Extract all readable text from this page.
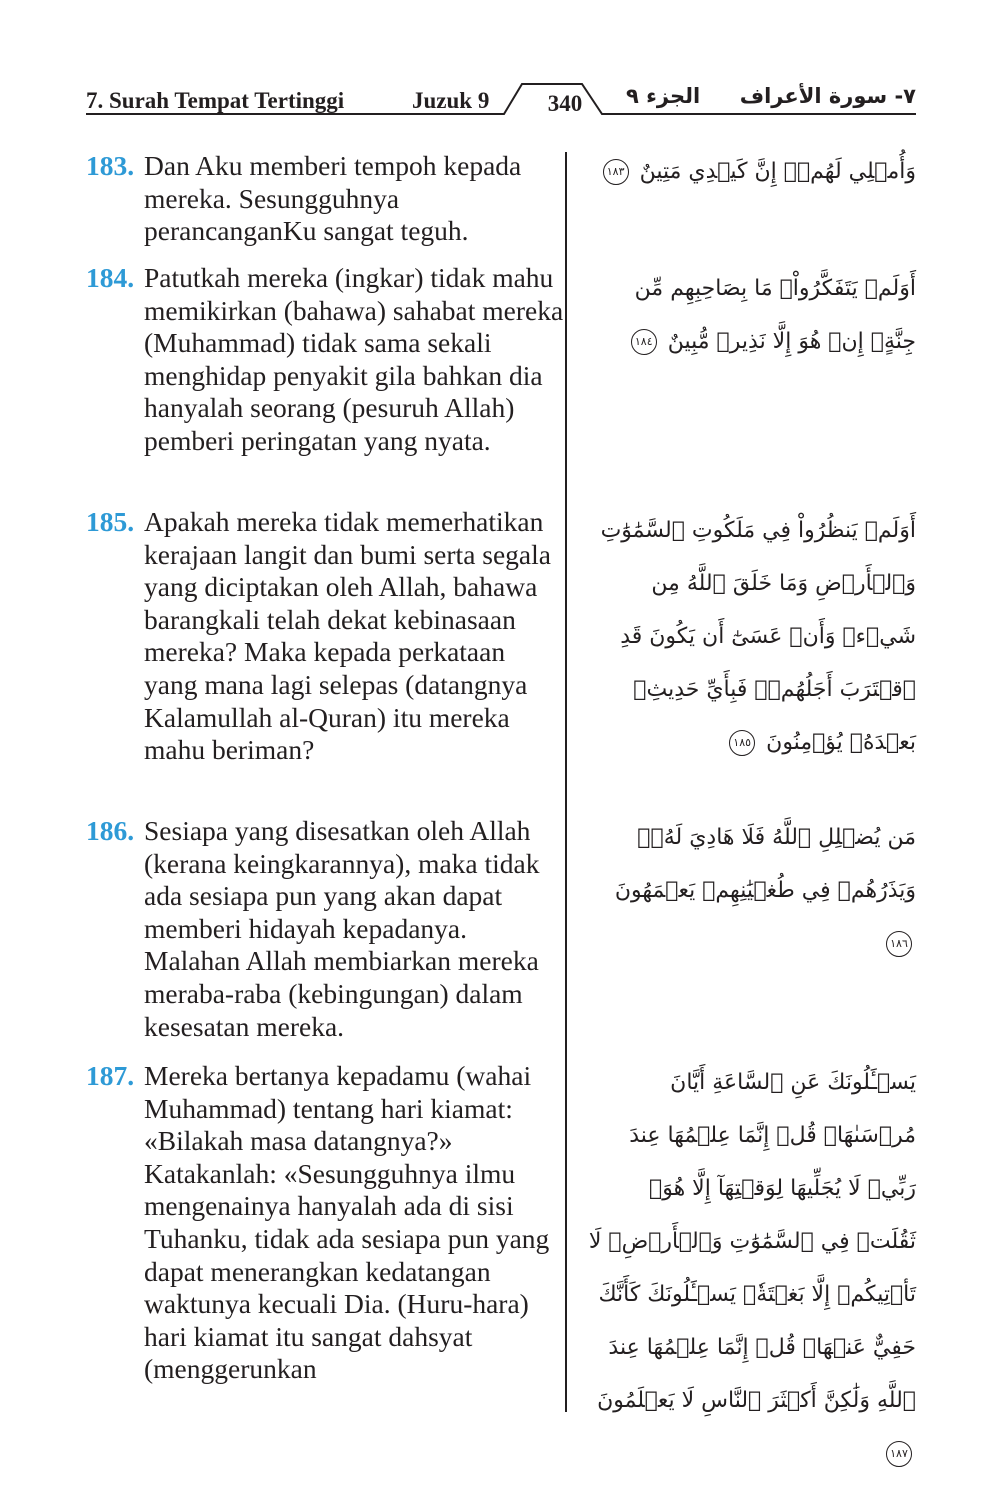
7. Surah Tempat Tertinggi	Juzuk 9	340	الجزء ٩ ٧- سورة الأعراف
183. Dan Aku memberi tempoh kepada mereka. Sesungguhnya perancanganKu sangat teguh.
وَأُمۡلِي لَهُمۡۚ إِنَّ كَيۡدِي مَتِينٌ ١٨٣
184. Patutkah mereka (ingkar) tidak mahu memikirkan (bahawa) sahabat mereka (Muhammad) tidak sama sekali menghidap penyakit gila bahkan dia hanyalah seorang (pesuruh Allah) pemberi peringatan yang nyata.
أَوَلَمۡ يَتَفَكَّرُواْۗ مَا بِصَاحِبِهِم مِّن جِنَّةٍۚ إِنۡ هُوَ إِلَّا نَذِيرٞ مُّبِينٌ ١٨٤
185. Apakah mereka tidak memerhatikan kerajaan langit dan bumi serta segala yang diciptakan oleh Allah, bahawa barangkali telah dekat kebinasaan mereka? Maka kepada perkataan yang mana lagi selepas (datangnya Kalamullah al-Quran) itu mereka mahu beriman?
أَوَلَمۡ يَنظُرُواْ فِي مَلَكُوتِ ٱلسَّمَٰوَٰتِ وَٱلۡأَرۡضِ وَمَا خَلَقَ ٱللَّهُ مِن شَيۡءٖ وَأَنۡ عَسَىٰٓ أَن يَكُونَ قَدِ ٱقۡتَرَبَ أَجَلُهُمۡۖ فَبِأَيِّ حَدِيثِۭ بَعۡدَهُۥ يُؤۡمِنُونَ ١٨٥
186. Sesiapa yang disesatkan oleh Allah (kerana keingkarannya), maka tidak ada sesiapa pun yang akan dapat memberi hidayah kepadanya. Malahan Allah membiarkan mereka meraba-raba (kebingungan) dalam kesesatan mereka.
مَن يُضۡلِلِ ٱللَّهُ فَلَا هَادِيَ لَهُۥۚ وَيَذَرُهُمۡ فِي طُغۡيَٰنِهِمۡ يَعۡمَهُونَ ١٨٦
187. Mereka bertanya kepadamu (wahai Muhammad) tentang hari kiamat: «Bilakah masa datangnya?» Katakanlah: «Sesungguhnya ilmu mengenainya hanyalah ada di sisi Tuhanku, tidak ada sesiapa pun yang dapat menerangkan kedatangan waktunya kecuali Dia. (Huru-hara) hari kiamat itu sangat dahsyat (menggerunkan
يَسۡـَٔلُونَكَ عَنِ ٱلسَّاعَةِ أَيَّانَ مُرۡسَىٰهَاۖ قُلۡ إِنَّمَا عِلۡمُهَا عِندَ رَبِّيۖ لَا يُجَلِّيهَا لِوَقۡتِهَآ إِلَّا هُوَۚ ثَقُلَتۡ فِي ٱلسَّمَٰوَٰتِ وَٱلۡأَرۡضِۚ لَا تَأۡتِيكُمۡ إِلَّا بَغۡتَةٗۗ يَسۡـَٔلُونَكَ كَأَنَّكَ حَفِيٌّ عَنۡهَاۖ قُلۡ إِنَّمَا عِلۡمُهَا عِندَ ٱللَّهِ وَلَٰكِنَّ أَكۡثَرَ ٱلنَّاسِ لَا يَعۡلَمُونَ ١٨٧
